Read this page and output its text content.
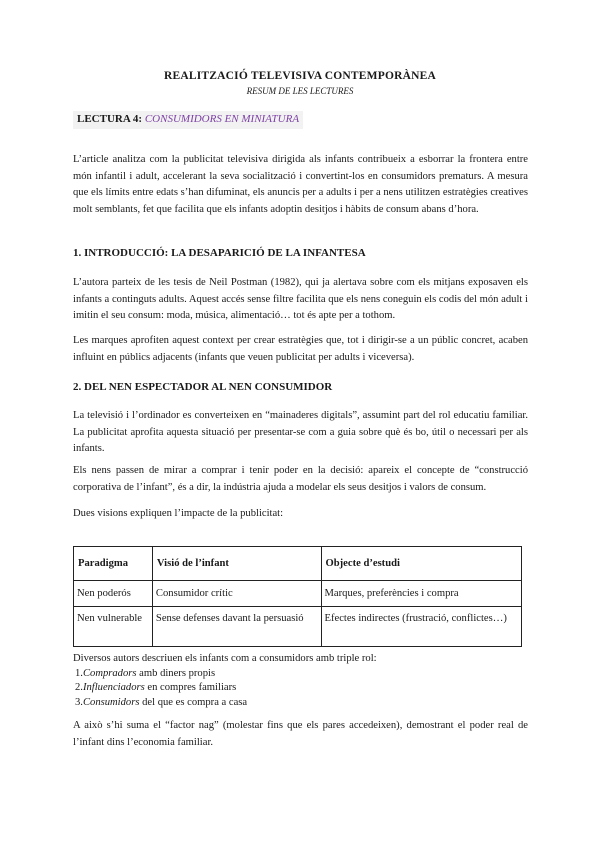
REALITZACIÓ TELEVISIVA CONTEMPORÀNEA
RESUM DE LES LECTURES
LECTURA 4: CONSUMIDORS EN MINIATURA
L’article analitza com la publicitat televisiva dirigida als infants contribueix a esborrar la frontera entre món infantil i adult, accelerant la seva socialització i convertint-los en consumidors prematurs. A mesura que els límits entre edats s’han difuminat, els anuncis per a adults i per a nens utilitzen estratègies creatives molt semblants, fet que facilita que els infants adoptin desitjos i hàbits de consum abans d’hora.
1. INTRODUCCIÓ: LA DESAPARICIÓ DE LA INFANTESA
L’autora parteix de les tesis de Neil Postman (1982), qui ja alertava sobre com els mitjans exposaven els infants a continguts adults. Aquest accés sense filtre facilita que els nens coneguin els codis del món adult i imitin el seu consum: moda, música, alimentació… tot és apte per a tothom.
Les marques aprofiten aquest context per crear estratègies que, tot i dirigir-se a un públic concret, acaben influint en públics adjacents (infants que veuen publicitat per adults i viceversa).
2. DEL NEN ESPECTADOR AL NEN CONSUMIDOR
La televisió i l’ordinador es converteixen en “mainaderes digitals”, assumint part del rol educatiu familiar. La publicitat aprofita aquesta situació per presentar-se com a guia sobre què és bo, útil o necessari per als infants.
Els nens passen de mirar a comprar i tenir poder en la decisió: apareix el concepte de “construcció corporativa de l’infant”, és a dir, la indústria ajuda a modelar els seus desitjos i valors de consum.
Dues visions expliquen l’impacte de la publicitat:
Paradigma	Visió de l’infant	Objecte d’estudi
Nen poderós	Consumidor crític	Marques, preferències i compra
Nen vulnerable	Sense defenses davant la persuasió	Efectes indirectes (frustració, conflictes…)
Diversos autors descriuen els infants com a consumidors amb triple rol:
1.Compradors amb diners propis
2.Influenciadors en compres familiars
3.Consumidors del que es compra a casa
A això s’hi suma el “factor nag” (molestar fins que els pares accedeixen), demostrant el poder real de l’infant dins l’economia familiar.
